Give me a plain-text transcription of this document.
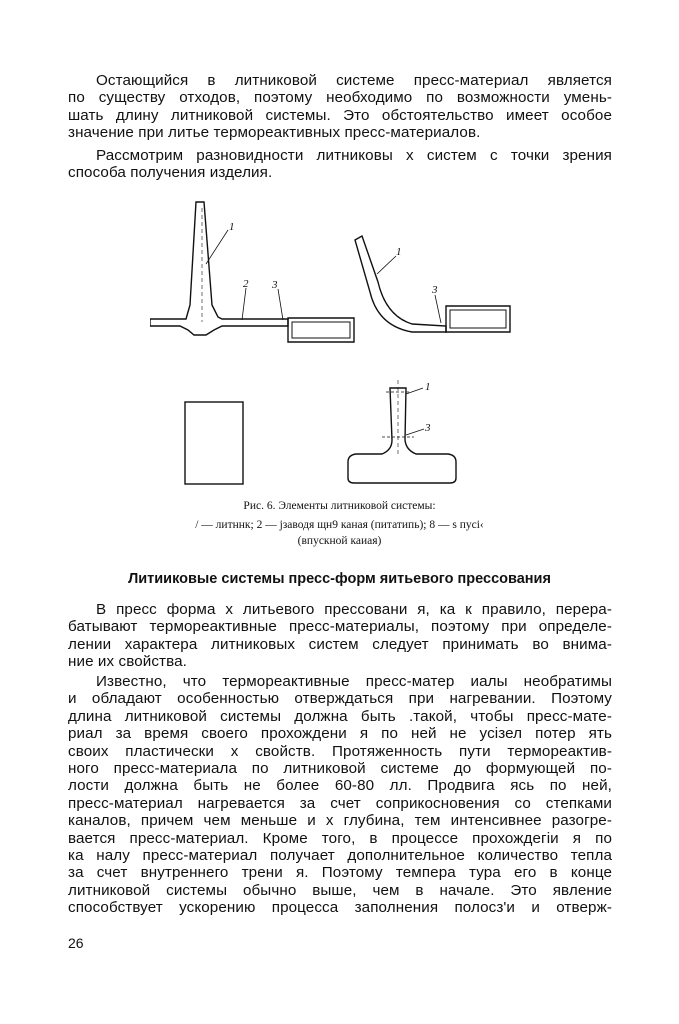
Остающийся в литниковой системе пресс-материал является
по существу отходов, поэтому необходимо по возможности умень-
шать длину литниковой системы. Это обстоятельство имеет особое
значение при литье термореактивных пресс-материалов.
Рассмотрим разновидности литниковы х систем с точки зрения
способа получения изделия.
1
2 3
1
3
1
3
Рис. 6. Элементы литниковой системы:
/ — литннк; 2 — jзаводя щн9 каная (питатипь); 8 — s пуci‹
(впускной каиая)
Литииковые системы пресс-форм яитьевого прессования
В пресс форма х литьевого прессовани я, ка к правило, перера-
батывают термореактивные пресс-материалы, поэтому при определе-
лении характера литниковых систем следует принимать во внима-
ние их свойства.
Известно, что термореактивные пресс-матер иалы необратимы
и обладают особенностью отверждаться при нагревании. Поэтому
длина литниковой системы должна быть .такой, чтобы пресс-мате-
риал за время своего прохождени я по ней не усiзел потер ять
своих пластически х свойств. Протяженность пути термореактив-
ного пресс-материала по литниковой системе до формующей по-
лости должна быть не более 60-80 лл. Продвига ясь по ней,
пресс-материал нагревается за счет соприкосновения со степками
каналов, причем чем меньше и х глубина, тем интенсивнее разогре-
вается пресс-материал. Кроме того, в процессе прохождегiи я по
ка налу пресс-материал получает дополнительное количество тепла
за счет внутреннего трени я. Поэтому темпера тура его в конце
литниковой системы обычно выше, чем в начале. Это явление
способствует ускорению процесса заполнения полосз'и и отверж-
26
